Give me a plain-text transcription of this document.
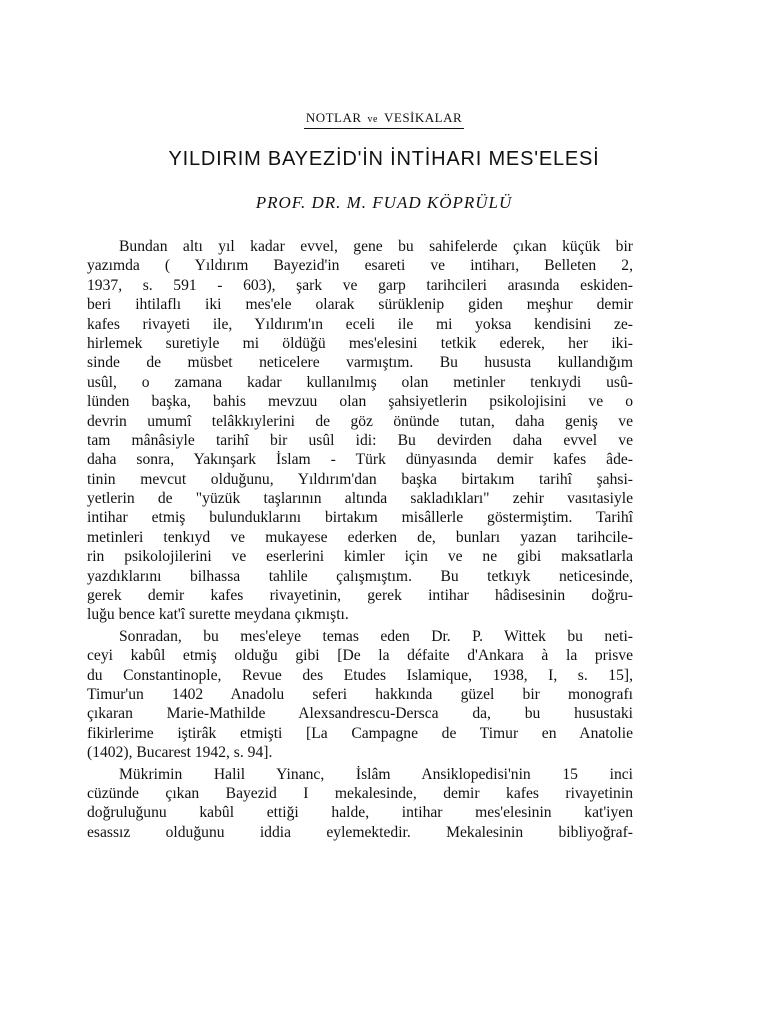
NOTLAR ve VESİKALAR
YILDIRIM BAYEZİD'İN İNTİHARI MES'ELESİ
PROF. DR. M. FUAD KÖPRÜLÜ
Bundan altı yıl kadar evvel, gene bu sahifelerde çıkan küçük bir
yazımda ( Yıldırım Bayezid'in esareti ve intiharı, Belleten 2,
1937, s. 591 - 603), şark ve garp tarihcileri arasında eskiden-
beri ihtilaflı iki mes'ele olarak sürüklenip giden meşhur demir
kafes rivayeti ile, Yıldırım'ın eceli ile mi yoksa kendisini ze-
hirlemek suretiyle mi öldüğü mes'elesini tetkik ederek, her iki-
sinde de müsbet neticelere varmıştım. Bu hususta kullandığım
usûl, o zamana kadar kullanılmış olan metinler tenkıydi usû-
lünden başka, bahis mevzuu olan şahsiyetlerin psikolojisini ve o
devrin umumî telâkkıylerini de göz önünde tutan, daha geniş ve
tam mânâsiyle tarihî bir usûl idi: Bu devirden daha evvel ve
daha sonra, Yakınşark İslam - Türk dünyasında demir kafes âde-
tinin mevcut olduğunu, Yıldırım'dan başka birtakım tarihî şahsi-
yetlerin de "yüzük taşlarının altında sakladıkları" zehir vasıtasiyle
intihar etmiş bulunduklarını birtakım misâllerle göstermiştim. Tarihî
metinleri tenkıyd ve mukayese ederken de, bunları yazan tarihcile-
rin psikolojilerini ve eserlerini kimler için ve ne gibi maksatlarla
yazdıklarını bilhassa tahlile çalışmıştım. Bu tetkıyk neticesinde,
gerek demir kafes rivayetinin, gerek intihar hâdisesinin doğru-
luğu bence kat'î surette meydana çıkmıştı.
Sonradan, bu mes'eleye temas eden Dr. P. Wittek bu neti-
ceyi kabûl etmiş olduğu gibi [De la défaite d'Ankara à la prisve
du Constantinople, Revue des Etudes Islamique, 1938, I, s. 15],
Timur'un 1402 Anadolu seferi hakkında güzel bir monografı
çıkaran Marie-Mathilde Alexsandrescu-Dersca da, bu husustaki
fikirlerime iştirâk etmişti [La Campagne de Timur en Anatolie
(1402), Bucarest 1942, s. 94].
Mükrimin Halil Yinanc, İslâm Ansiklopedisi'nin 15 inci
cüzünde çıkan Bayezid I mekalesinde, demir kafes rivayetinin
doğruluğunu kabûl ettiği halde, intihar mes'elesinin kat'iyen
esassız olduğunu iddia eylemektedir. Mekalesinin bibliyoğraf-
